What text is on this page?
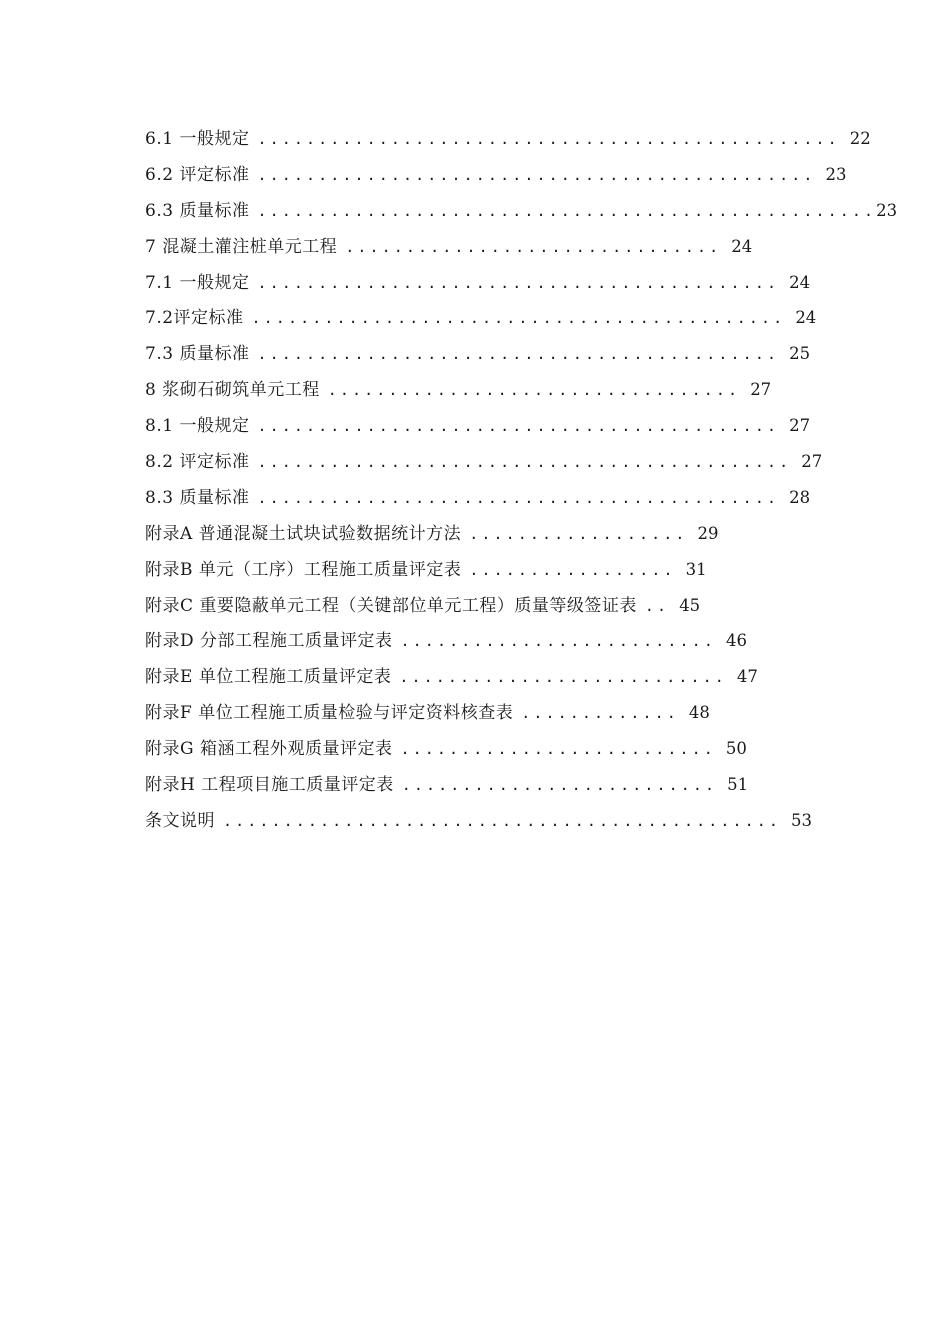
6.1 一般规定 ................................................ 22
6.2 评定标准 .............................................. 23
6.3 质量标准 ...................................................23
7 混凝土灌注桩单元工程 ............................... 24
7.1 一般规定 ........................................... 24
7.2评定标准 ............................................ 24
7.3 质量标准 ........................................... 25
8 浆砌石砌筑单元工程 .................................. 27
8.1 一般规定 ........................................... 27
8.2 评定标准 ............................................ 27
8.3 质量标准 ........................................... 28
附录A 普通混凝土试块试验数据统计方法 .................. 29
附录B 单元（工序）工程施工质量评定表 ................. 31
附录C 重要隐蔽单元工程（关键部位单元工程）质量等级签证表 .. 45
附录D 分部工程施工质量评定表 .......................... 46
附录E 单位工程施工质量评定表 ........................... 47
附录F 单位工程施工质量检验与评定资料核查表 ............. 48
附录G 箱涵工程外观质量评定表 .......................... 50
附录H 工程项目施工质量评定表 .......................... 51
条文说明 .............................................. 53
